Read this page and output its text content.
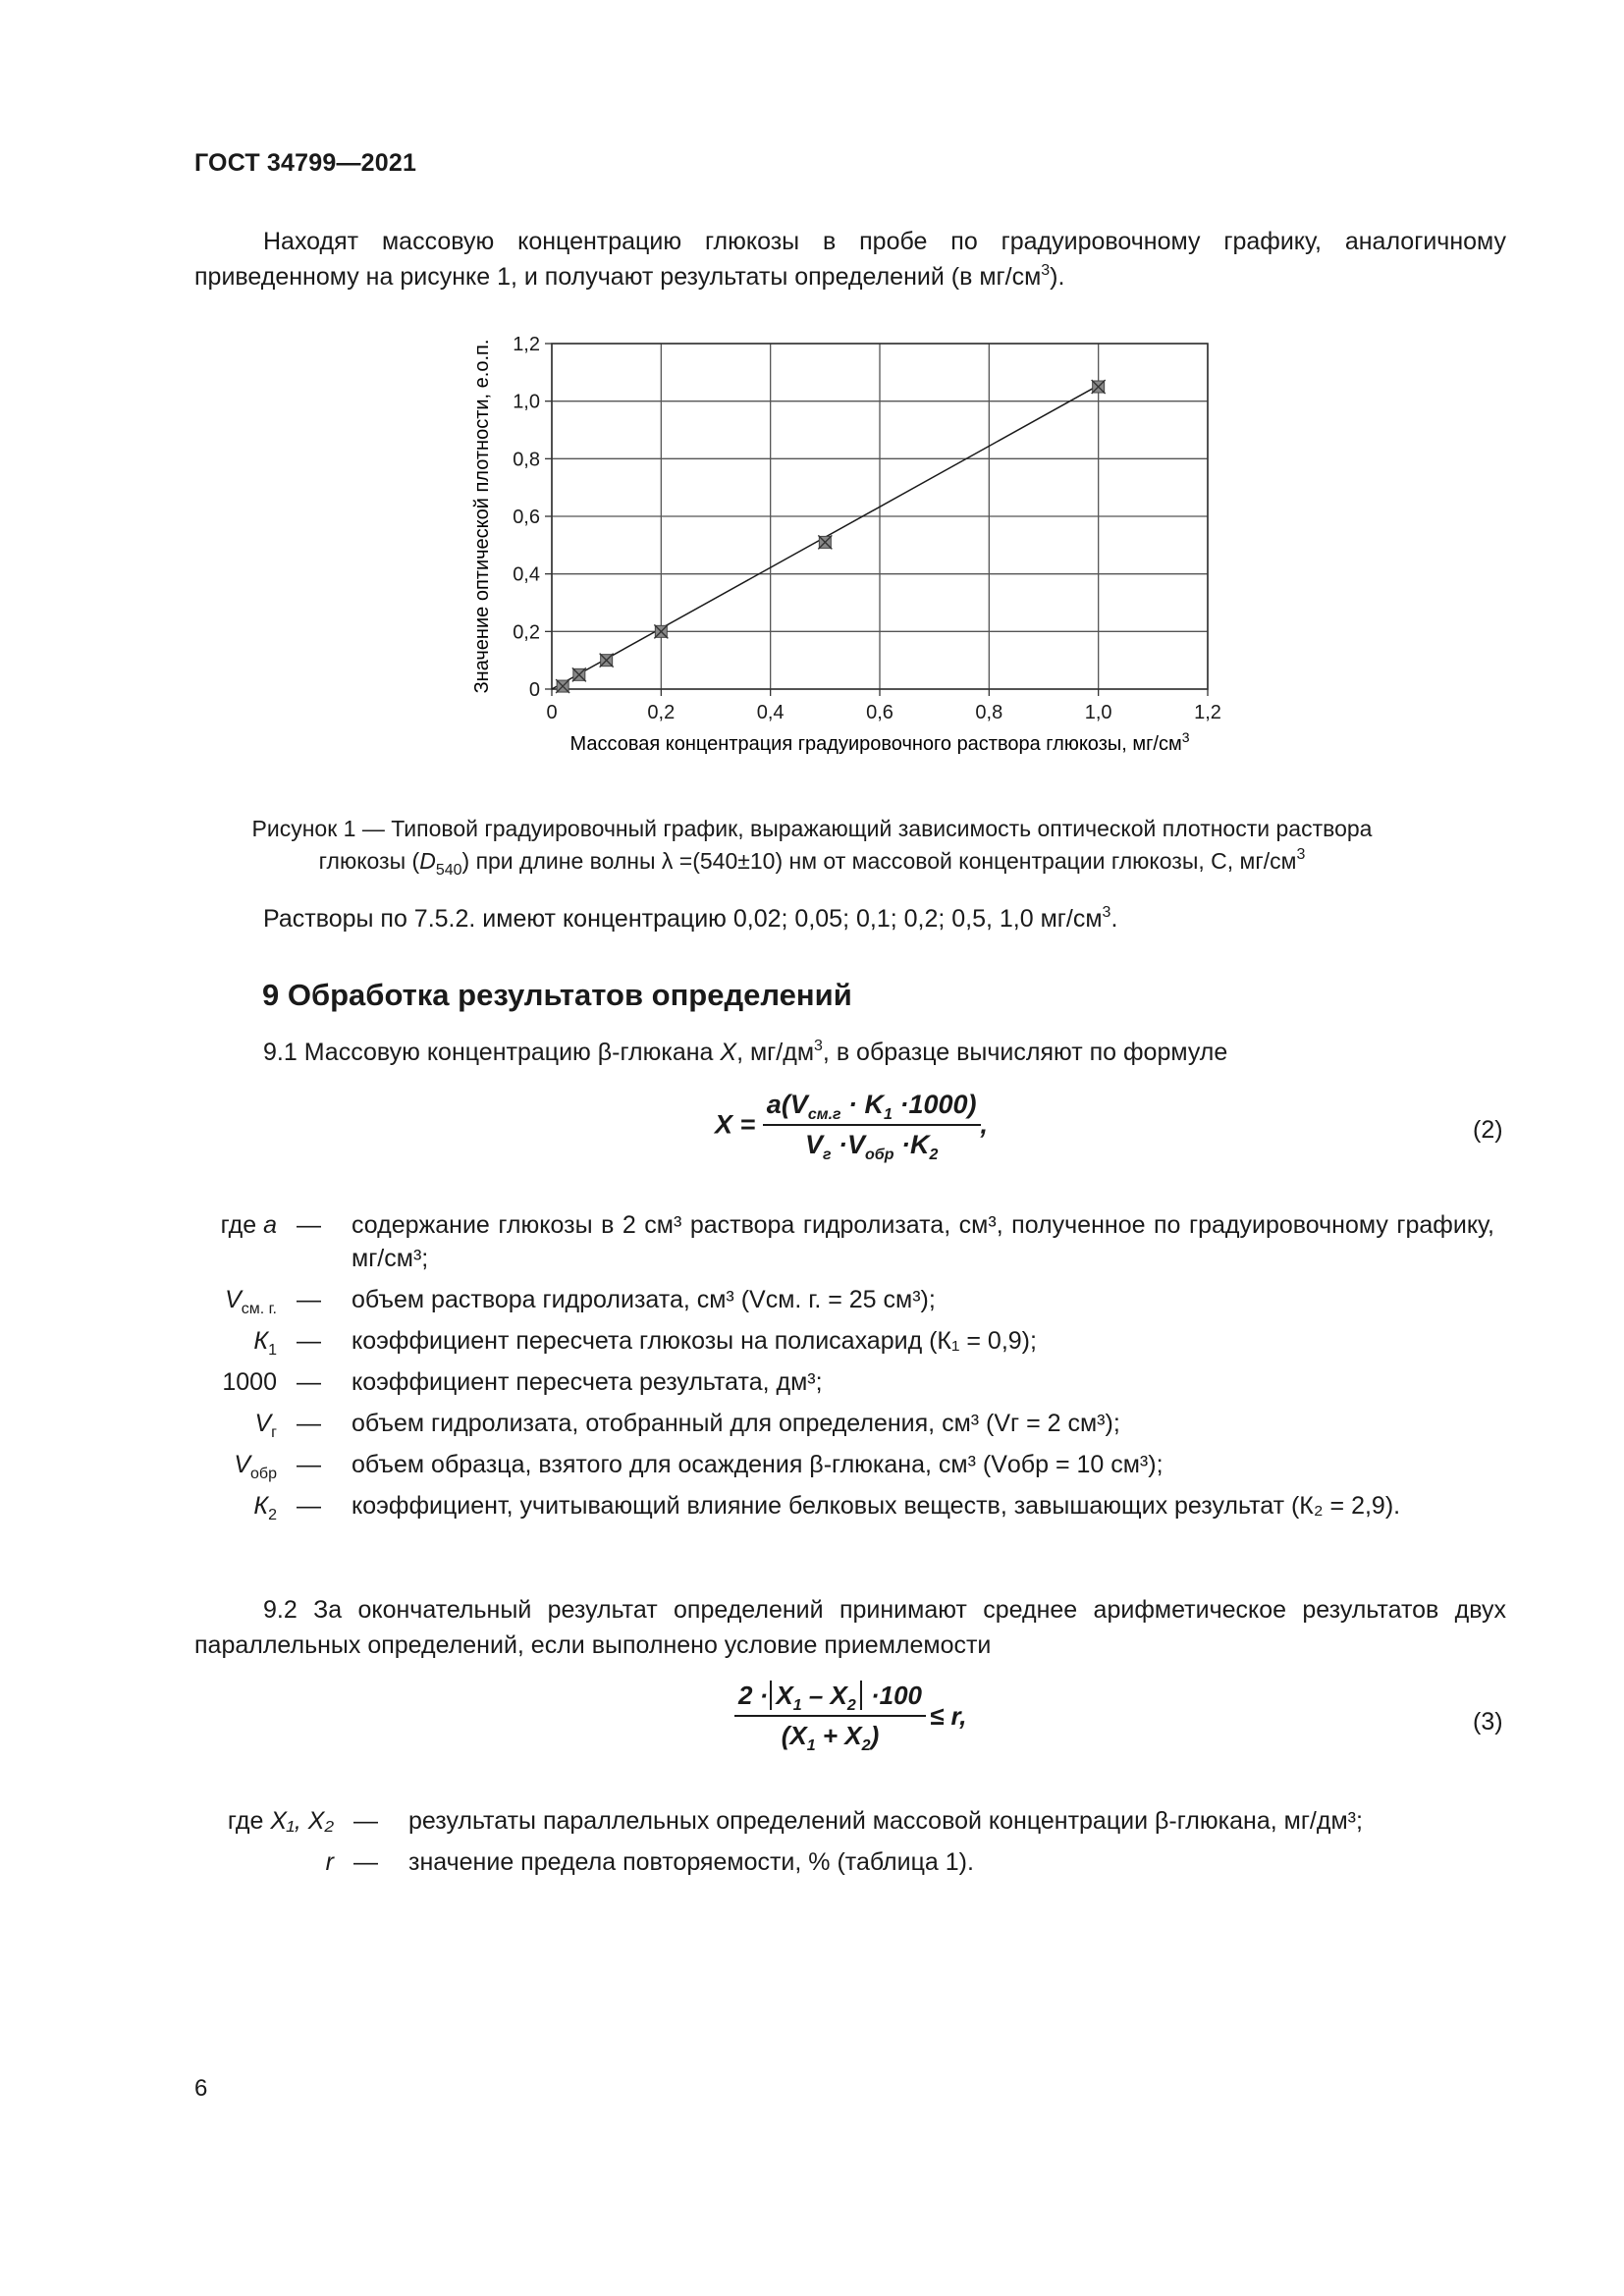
ГОСТ 34799—2021
Находят массовую концентрацию глюкозы в пробе по градуировочному графику, аналогичному приведенному на рисунке 1, и получают результаты определений (в $мг/см^3$).
0	0,2	0,4	0,6	0,8	1,0	1,2
0
0,2
0,4
0,6
0,8
1,0
1,2
Массовая концентрация градуировочного раствора глюкозы, $мг/см^3$
Значение оптической плотности, е.о.п.
Рисунок 1 — Типовой градуировочный график, выражающий зависимость оптической плотности раствора
глюкозы $(D_{540})$ при длине волны λ =(540±10) нм от массовой концентрации глюкозы, С, $мг/см^3$
Растворы по 7.5.2. имеют концентрацию 0,02; 0,05; 0,1; 0,2; 0,5, 1,0 $мг/см^3$.
9 Обработка результатов определений
9.1 Массовую концентрацию β-глюкана X, $мг/дм^3$, в образце вычисляют по формуле
$X = \frac{a(V_{см.г} \cdot K_1 \cdot 1000)}{V_г \cdot V_{обр} \cdot K_2}$ ,	(2)
где a — содержание глюкозы в 2 см³ раствора гидролизата, см³, полученное по градуировочному графику, мг/см³;
$V_{см. г.}$ — объем раствора гидролизата, см³ (Vсм. г. = 25 см³);
$К_1$ — коэффициент пересчета глюкозы на полисахарид (К₁ = 0,9);
1000 — коэффициент пересчета результата, дм³;
$V_г$ — объем гидролизата, отобранный для определения, см³ (Vг = 2 см³);
$V_{обр}$ — объем образца, взятого для осаждения β-глюкана, см³ (Vобр = 10 см³);
$К_2$ — коэффициент, учитывающий влияние белковых веществ, завышающих результат (К₂ = 2,9).
9.2 За окончательный результат определений принимают среднее арифметическое результатов двух параллельных определений, если выполнено условие приемлемости
$\frac{2 \cdot X_1 - X_2 \cdot 100}{(X_1 + X_2)} \le r$,	(3)
где X₁, X₂ — результаты параллельных определений массовой концентрации β-глюкана, мг/дм³;
r — значение предела повторяемости, % (таблица 1).
6
